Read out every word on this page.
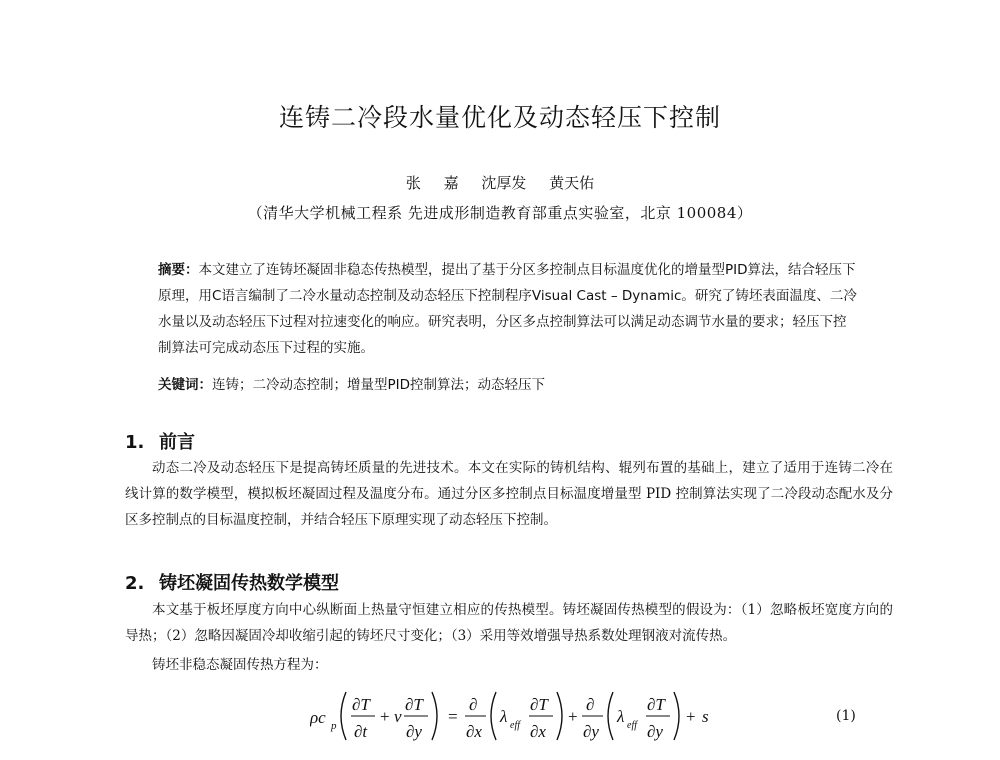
连铸二冷段水量优化及动态轻压下控制
张 嘉 沈厚发 黄天佑
（清华大学机械工程系 先进成形制造教育部重点实验室，北京 100084）
摘要：本文建立了连铸坯凝固非稳态传热模型，提出了基于分区多控制点目标温度优化的增量型PID算法，结合轻压下原理，用C语言编制了二冷水量动态控制及动态轻压下控制程序Visual Cast – Dynamic。研究了铸坯表面温度、二冷水量以及动态轻压下过程对拉速变化的响应。研究表明，分区多点控制算法可以满足动态调节水量的要求；轻压下控制算法可完成动态压下过程的实施。
关键词：连铸；二冷动态控制；增量型PID控制算法；动态轻压下
1. 前言
动态二冷及动态轻压下是提高铸坯质量的先进技术。本文在实际的铸机结构、辊列布置的基础上，建立了适用于连铸二冷在线计算的数学模型，模拟板坯凝固过程及温度分布。通过分区多控制点目标温度增量型 PID 控制算法实现了二冷段动态配水及分区多控制点的目标温度控制，并结合轻压下原理实现了动态轻压下控制。
2. 铸坯凝固传热数学模型
本文基于板坯厚度方向中心纵断面上热量守恒建立相应的传热模型。铸坯凝固传热模型的假设为：（1）忽略板坯宽度方向的导热；（2）忽略因凝固冷却收缩引起的铸坯尺寸变化；（3）采用等效增强导热系数处理钢液对流传热。
铸坯非稳态凝固传热方程为：
ρc p
∂T
∂t
+ v
∂T
∂y
=
∂
∂x
λ eff
∂T
∂x
+
∂
∂y
λ eff
∂T
∂y
+ s	(1)
